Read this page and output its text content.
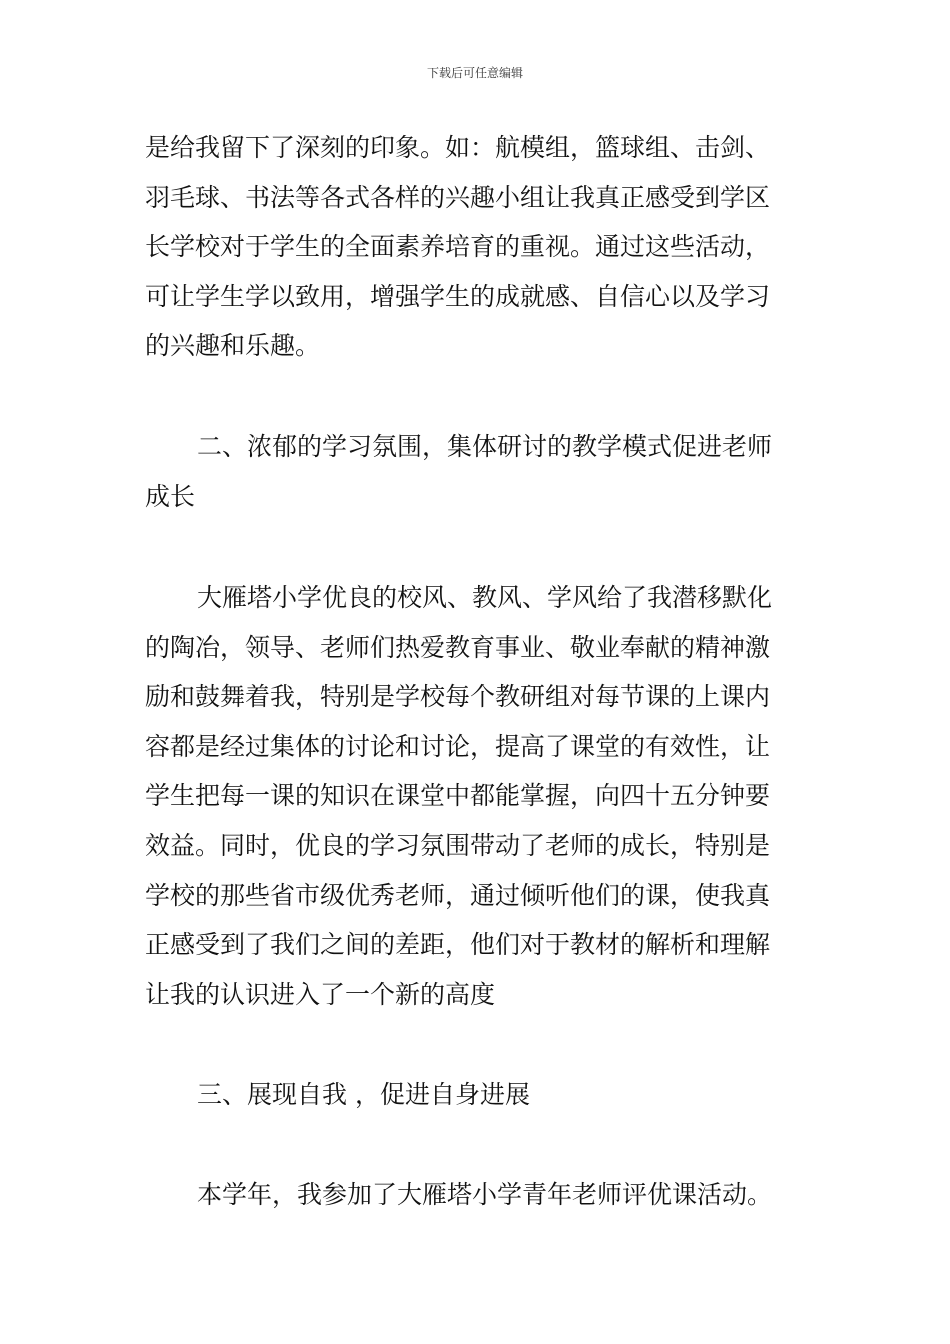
下载后可任意编辑
是给我留下了深刻的印象。如：航模组，篮球组、击剑、
羽毛球、书法等各式各样的兴趣小组让我真正感受到学区
长学校对于学生的全面素养培育的重视。通过这些活动，
可让学生学以致用，增强学生的成就感、自信心以及学习
的兴趣和乐趣。
二、浓郁的学习氛围，集体研讨的教学模式促进老师
成长
大雁塔小学优良的校风、教风、学风给了我潜移默化
的陶冶，领导、老师们热爱教育事业、敬业奉献的精神激
励和鼓舞着我，特别是学校每个教研组对每节课的上课内
容都是经过集体的讨论和讨论，提高了课堂的有效性，让
学生把每一课的知识在课堂中都能掌握，向四十五分钟要
效益。同时，优良的学习氛围带动了老师的成长，特别是
学校的那些省市级优秀老师，通过倾听他们的课，使我真
正感受到了我们之间的差距，他们对于教材的解析和理解
让我的认识进入了一个新的高度
三、展现自我 ，促进自身进展
本学年，我参加了大雁塔小学青年老师评优课活动。
